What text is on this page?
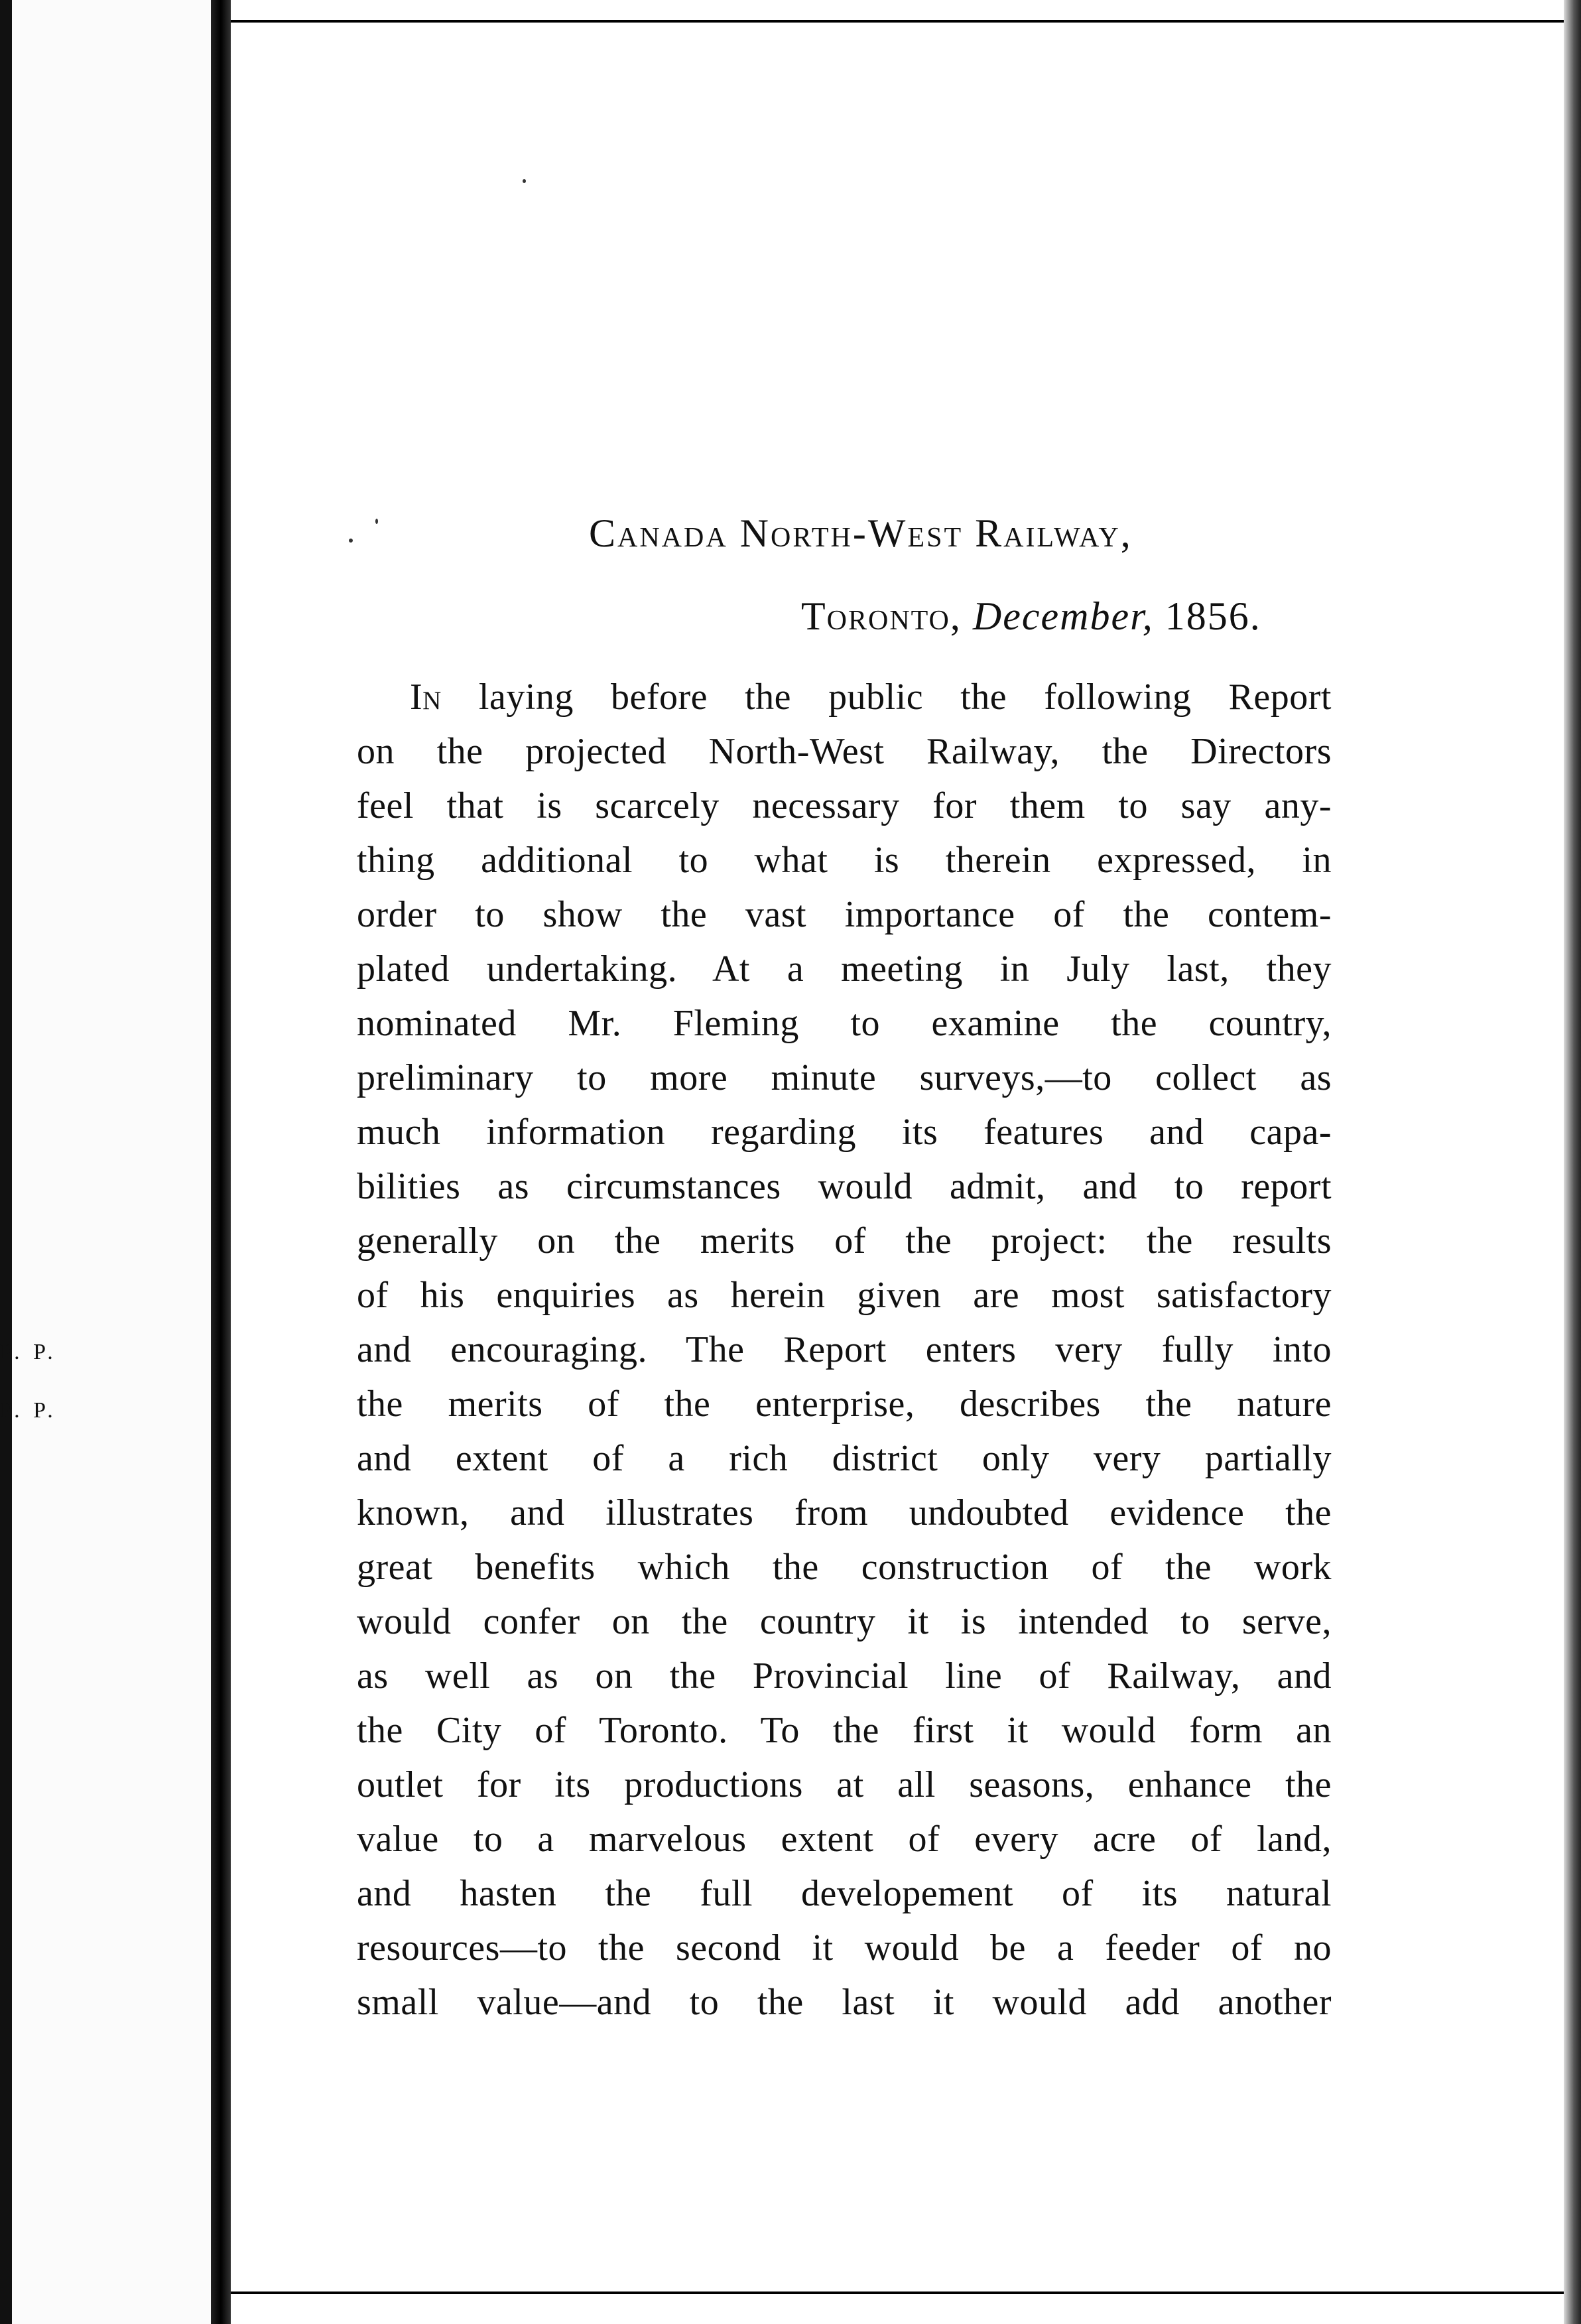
P. P.
P. P.
Canada North-West Railway,
Toronto, December, 1856.
In laying before the public the following Report
on the projected North-West Railway, the Directors
feel that is scarcely necessary for them to say any-
thing additional to what is therein expressed, in
order to show the vast importance of the contem-
plated undertaking. At a meeting in July last, they
nominated Mr. Fleming to examine the country,
preliminary to more minute surveys,—to collect as
much information regarding its features and capa-
bilities as circumstances would admit, and to report
generally on the merits of the project: the results
of his enquiries as herein given are most satisfactory
and encouraging. The Report enters very fully into
the merits of the enterprise, describes the nature
and extent of a rich district only very partially
known, and illustrates from undoubted evidence the
great benefits which the construction of the work
would confer on the country it is intended to serve,
as well as on the Provincial line of Railway, and
the City of Toronto. To the first it would form an
outlet for its productions at all seasons, enhance the
value to a marvelous extent of every acre of land,
and hasten the full developement of its natural
resources—to the second it would be a feeder of no
small value—and to the last it would add another
